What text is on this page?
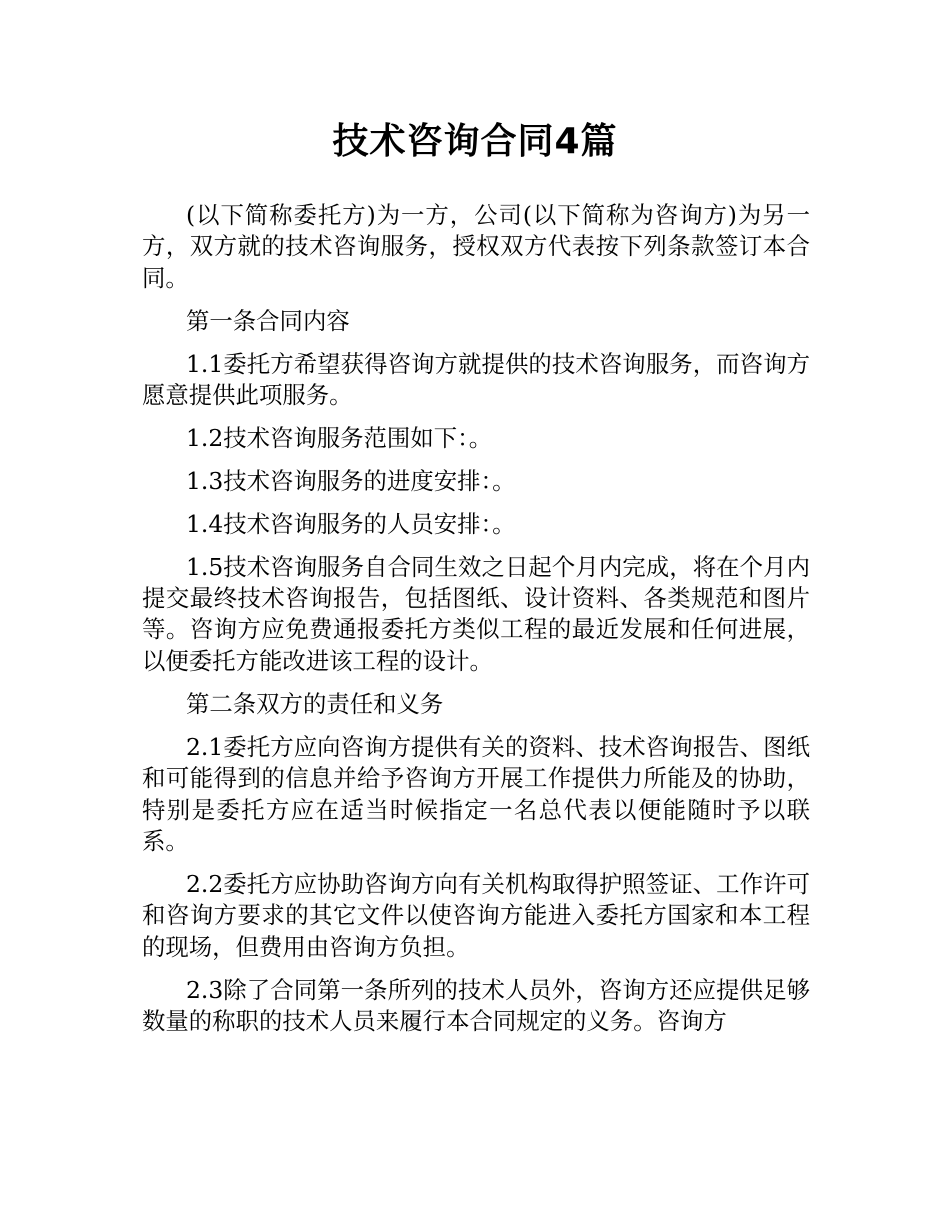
技术咨询合同4篇

(以下简称委托方)为一方，公司(以下简称为咨询方)为另一方，双方就的技术咨询服务，授权双方代表按下列条款签订本合同。

第一条合同内容

1.1委托方希望获得咨询方就提供的技术咨询服务，而咨询方愿意提供此项服务。

1.2技术咨询服务范围如下：。

1.3技术咨询服务的进度安排：。

1.4技术咨询服务的人员安排：。

1.5技术咨询服务自合同生效之日起个月内完成，将在个月内提交最终技术咨询报告，包括图纸、设计资料、各类规范和图片等。咨询方应免费通报委托方类似工程的最近发展和任何进展，以便委托方能改进该工程的设计。

第二条双方的责任和义务

2.1委托方应向咨询方提供有关的资料、技术咨询报告、图纸和可能得到的信息并给予咨询方开展工作提供力所能及的协助，特别是委托方应在适当时候指定一名总代表以便能随时予以联系。

2.2委托方应协助咨询方向有关机构取得护照签证、工作许可和咨询方要求的其它文件以使咨询方能进入委托方国家和本工程的现场，但费用由咨询方负担。

2.3除了合同第一条所列的技术人员外，咨询方还应提供足够数量的称职的技术人员来履行本合同规定的义务。咨询方
